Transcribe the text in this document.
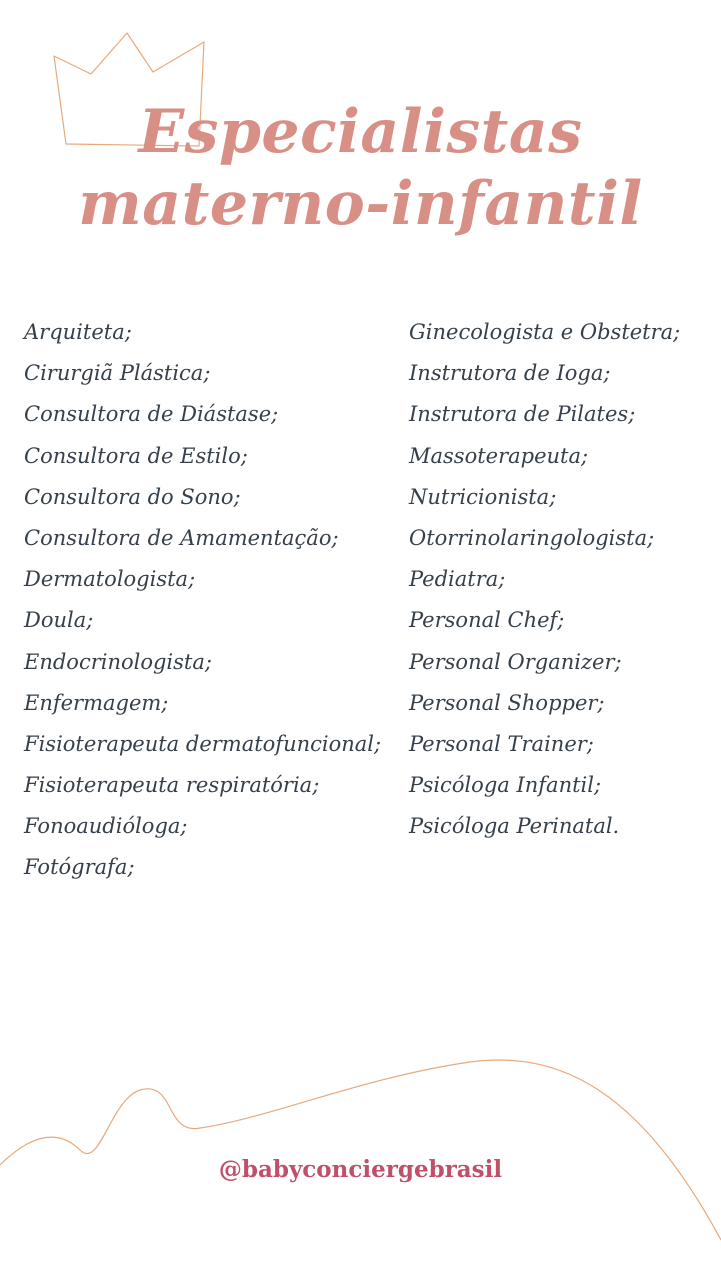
Especialistas
materno-infantil
Arquiteta;
Cirurgiã Plástica;
Consultora de Diástase;
Consultora de Estilo;
Consultora do Sono;
Consultora de Amamentação;
Dermatologista;
Doula;
Endocrinologista;
Enfermagem;
Fisioterapeuta dermatofuncional;
Fisioterapeuta respiratória;
Fonoaudióloga;
Fotógrafa;
Ginecologista e Obstetra;
Instrutora de Ioga;
Instrutora de Pilates;
Massoterapeuta;
Nutricionista;
Otorrinolaringologista;
Pediatra;
Personal Chef;
Personal Organizer;
Personal Shopper;
Personal Trainer;
Psicóloga Infantil;
Psicóloga Perinatal.
@babyconciergebrasil
